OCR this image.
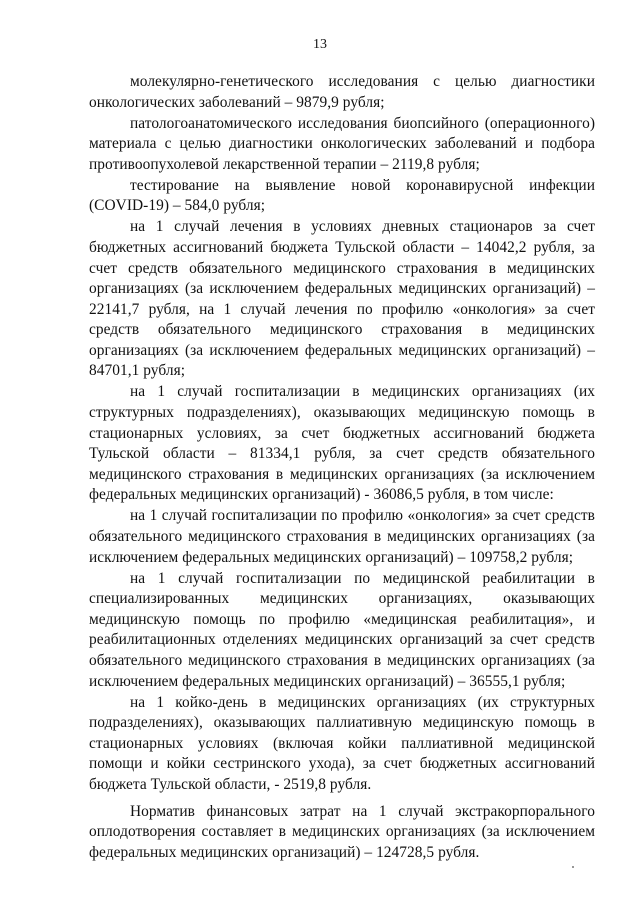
13

молекулярно-генетического исследования с целью диагностики онкологических заболеваний – 9879,9 рубля;

патологоанатомического исследования биопсийного (операционного) материала с целью диагностики онкологических заболеваний и подбора противоопухолевой лекарственной терапии – 2119,8 рубля;

тестирование на выявление новой коронавирусной инфекции (COVID-19) – 584,0 рубля;

на 1 случай лечения в условиях дневных стационаров за счет бюджетных ассигнований бюджета Тульской области – 14042,2 рубля, за счет средств обязательного медицинского страхования в медицинских организациях (за исключением федеральных медицинских организаций) – 22141,7 рубля, на 1 случай лечения по профилю «онкология» за счет средств обязательного медицинского страхования в медицинских организациях (за исключением федеральных медицинских организаций) – 84701,1 рубля;

на 1 случай госпитализации в медицинских организациях (их структурных подразделениях), оказывающих медицинскую помощь в стационарных условиях, за счет бюджетных ассигнований бюджета Тульской области – 81334,1 рубля, за счет средств обязательного медицинского страхования в медицинских организациях (за исключением федеральных медицинских организаций) - 36086,5 рубля, в том числе:

на 1 случай госпитализации по профилю «онкология» за счет средств обязательного медицинского страхования в медицинских организациях (за исключением федеральных медицинских организаций) – 109758,2 рубля;

на 1 случай госпитализации по медицинской реабилитации в специализированных медицинских организациях, оказывающих медицинскую помощь по профилю «медицинская реабилитация», и реабилитационных отделениях медицинских организаций за счет средств обязательного медицинского страхования в медицинских организациях (за исключением федеральных медицинских организаций) – 36555,1 рубля;

на 1 койко-день в медицинских организациях (их структурных подразделениях), оказывающих паллиативную медицинскую помощь в стационарных условиях (включая койки паллиативной медицинской помощи и койки сестринского ухода), за счет бюджетных ассигнований бюджета Тульской области, - 2519,8 рубля.

Норматив финансовых затрат на 1 случай экстракорпорального оплодотворения составляет в медицинских организациях (за исключением федеральных медицинских организаций) – 124728,5 рубля.
